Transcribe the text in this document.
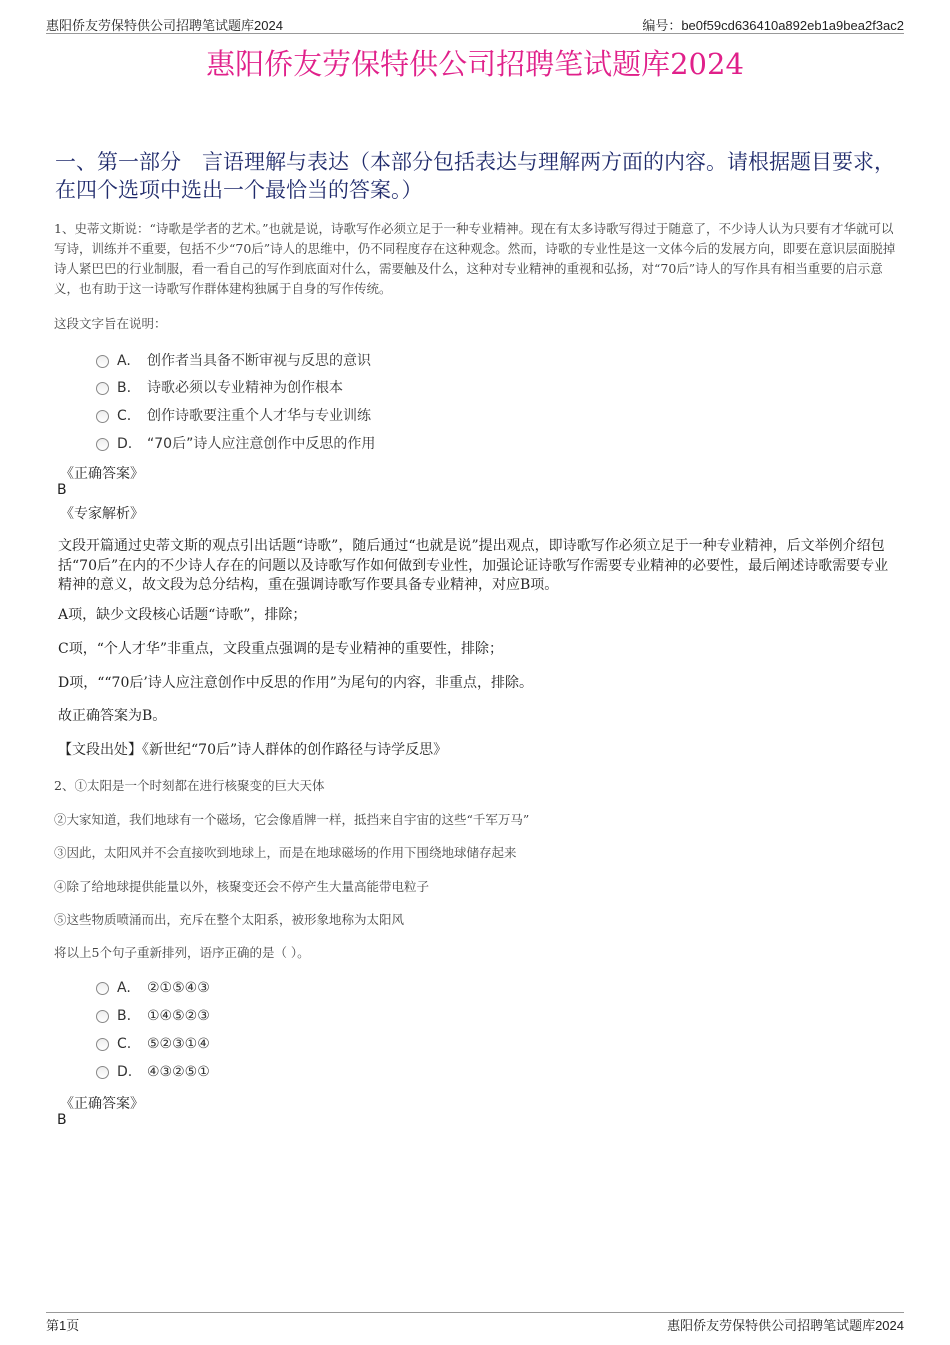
惠阳侨友劳保特供公司招聘笔试题库2024	编号：be0f59cd636410a892eb1a9bea2f3ac2
惠阳侨友劳保特供公司招聘笔试题库2024
一、第一部分　言语理解与表达（本部分包括表达与理解两方面的内容。请根据题目要求，在四个选项中选出一个最恰当的答案。）
1、史蒂文斯说：“诗歌是学者的艺术。”也就是说，诗歌写作必须立足于一种专业精神。现在有太多诗歌写得过于随意了，不少诗人认为只要有才华就可以写诗，训练并不重要，包括不少“70后”诗人的思维中，仍不同程度存在这种观念。然而，诗歌的专业性是这一文体今后的发展方向，即要在意识层面脱掉诗人紧巴巴的行业制服，看一看自己的写作到底面对什么，需要触及什么，这种对专业精神的重视和弘扬，对“70后”诗人的写作具有相当重要的启示意义，也有助于这一诗歌写作群体建构独属于自身的写作传统。
这段文字旨在说明：
A. 创作者当具备不断审视与反思的意识
B. 诗歌必须以专业精神为创作根本
C. 创作诗歌要注重个人才华与专业训练
D. “70后”诗人应注意创作中反思的作用
《正确答案》
B
《专家解析》
文段开篇通过史蒂文斯的观点引出话题“诗歌”，随后通过“也就是说”提出观点，即诗歌写作必须立足于一种专业精神，后文举例介绍包括“70后”在内的不少诗人存在的问题以及诗歌写作如何做到专业性，加强论证诗歌写作需要专业精神的必要性，最后阐述诗歌需要专业精神的意义，故文段为总分结构，重在强调诗歌写作要具备专业精神，对应B项。
A项，缺少文段核心话题“诗歌”，排除；
C项，“个人才华”非重点，文段重点强调的是专业精神的重要性，排除；
D项，““70后’诗人应注意创作中反思的作用”为尾句的内容，非重点，排除。
故正确答案为B。
【文段出处】《新世纪“70后”诗人群体的创作路径与诗学反思》
2、①太阳是一个时刻都在进行核聚变的巨大天体
②大家知道，我们地球有一个磁场，它会像盾牌一样，抵挡来自宇宙的这些“千军万马”
③因此，太阳风并不会直接吹到地球上，而是在地球磁场的作用下围绕地球储存起来
④除了给地球提供能量以外，核聚变还会不停产生大量高能带电粒子
⑤这些物质喷涌而出，充斥在整个太阳系，被形象地称为太阳风
将以上5个句子重新排列，语序正确的是（ ）。
A. ②①⑤④③
B. ①④⑤②③
C. ⑤②③①④
D. ④③②⑤①
《正确答案》
B
第1页	惠阳侨友劳保特供公司招聘笔试题库2024
